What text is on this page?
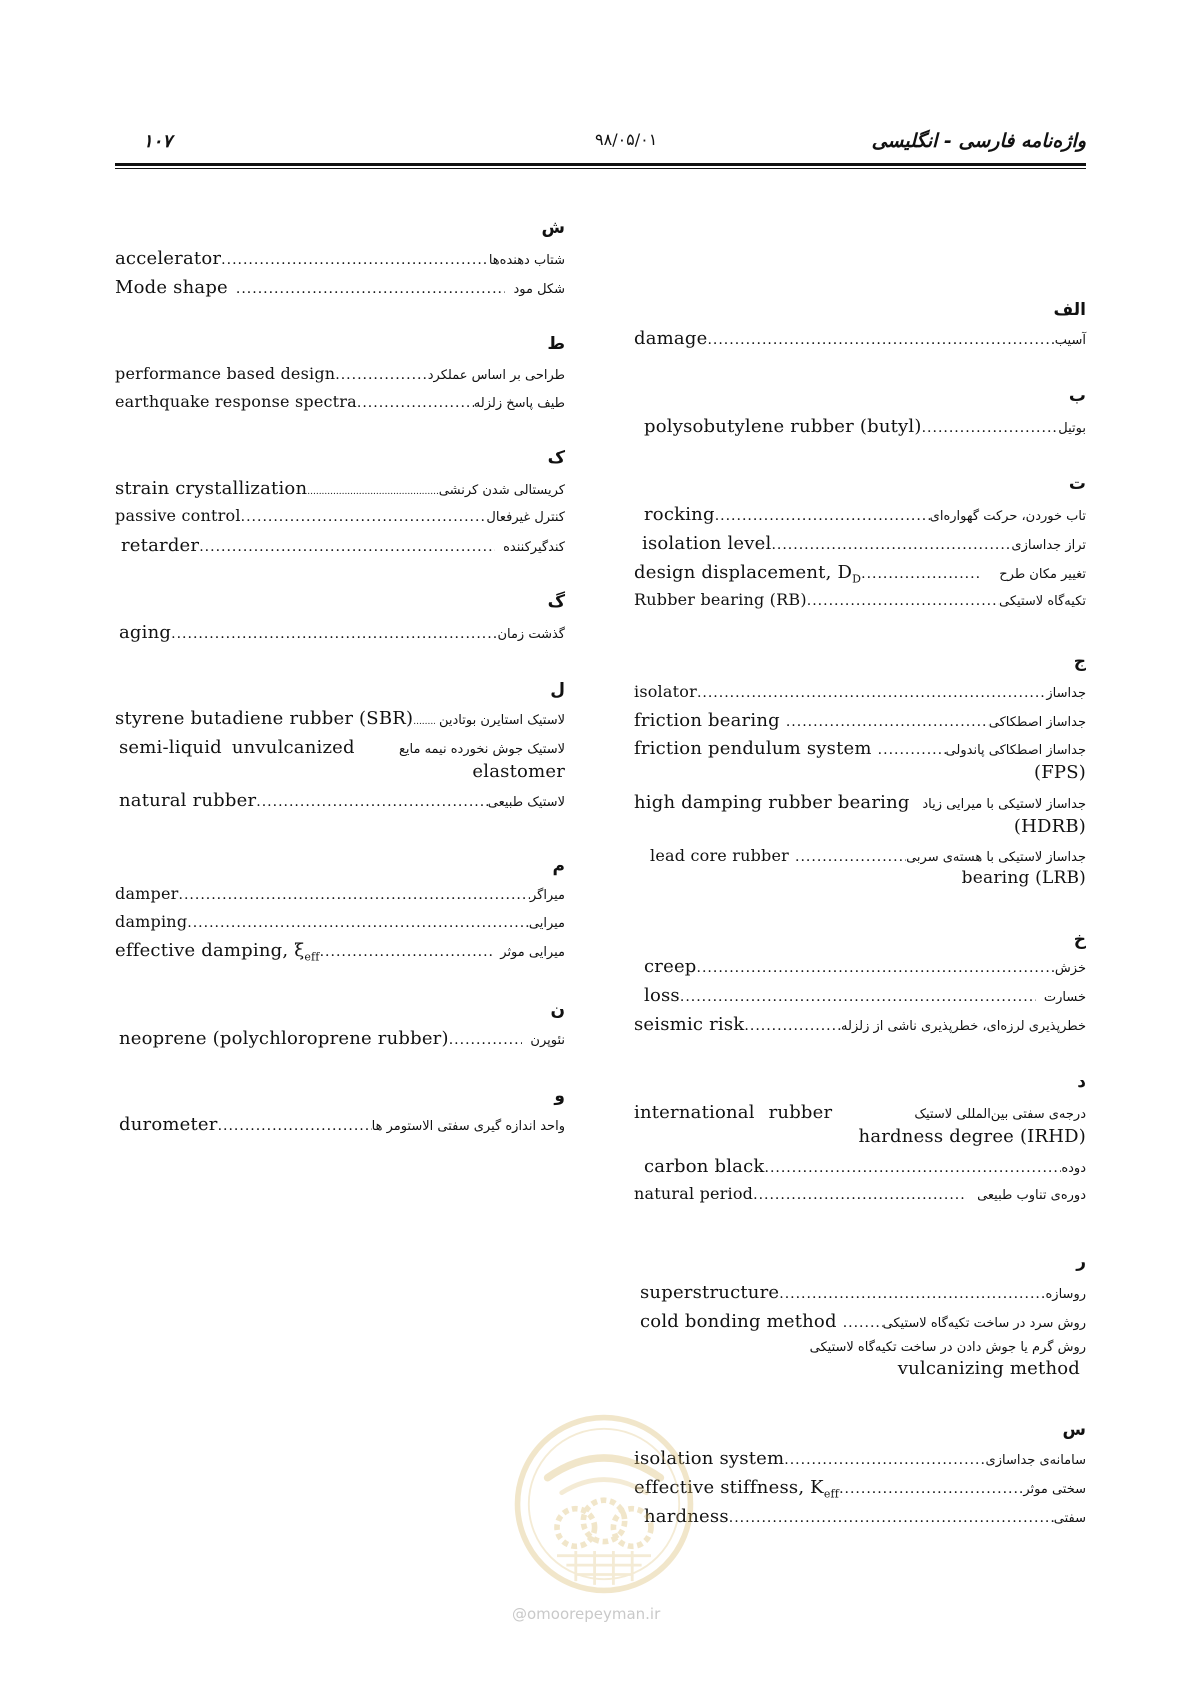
واژه‌نامه فارسی - انگلیسی
۹۸/۰۵/۰۱
۱۰۷
الف
damage .....	آسیب
ب
polysobutylene rubber (butyl) .....	بوتیل
ت
rocking .....	تاب خوردن، حرکت گهواره‌ای
isolation level .....	تراز جداسازی
design displacement, $D_D$ .....	تغییر مکان طرح
Rubber bearing (RB) .....	تکیه‌گاه لاستیکی
ج
isolator .....	جداساز
friction bearing .....	جداساز اصطکاکی
friction pendulum system .....	جداساز اصطکاکی پاندولی
(FPS)
high damping rubber bearing جداساز لاستیکی با میرایی زیاد
(HDRB)
lead core rubber .....	جداساز لاستیکی با هسته‌ی سربی
bearing (LRB)
خ
creep .....	خزش
loss .....	خسارت
seismic risk .....	خطرپذیری لرزه‌ای، خطرپذیری ناشی از زلزله
د
international rubber	درجه‌ی سفتی بین‌المللی لاستیک
hardness degree (IRHD)
carbon black .....	دوده
natural period .....	دوره‌ی تناوب طبیعی
ر
superstructure .....	روسازه
cold bonding method .....	روش سرد در ساخت تکیه‌گاه لاستیکی
روش گرم یا جوش دادن در ساخت تکیه‌گاه لاستیکی
vulcanizing method
س
isolation system .....	سامانه‌ی جداسازی
effective stiffness, $K_{eff}$ .....	سختی موثر
hardness .....	سفتی
ش
accelerator .....	شتاب دهنده‌ها
Mode shape .....	شکل مود
ط
performance based design .....	طراحی بر اساس عملکرد
earthquake response spectra .....	طیف پاسخ زلزله
ک
strain crystallization .....	کریستالی شدن کرنشی
passive control .....	کنترل غیرفعال
retarder .....	کندگیرکننده
گ
aging .....	گذشت زمان
ل
styrene butadiene rubber (SBR) ..... لاستیک استایرن بوتادین
semi-liquid unvulcanized	لاستیک جوش نخورده نیمه مایع
elastomer
natural rubber .....	لاستیک طبیعی
م
damper .....	میراگر
damping .....	میرایی
effective damping, $\xi_{eff}$ .....	میرایی موثر
ن
neoprene (polychloroprene rubber) .....	نئوپرن
و
durometer .....	واحد اندازه گیری سفتی الاستومر ها
@omoorepeyman.ir
